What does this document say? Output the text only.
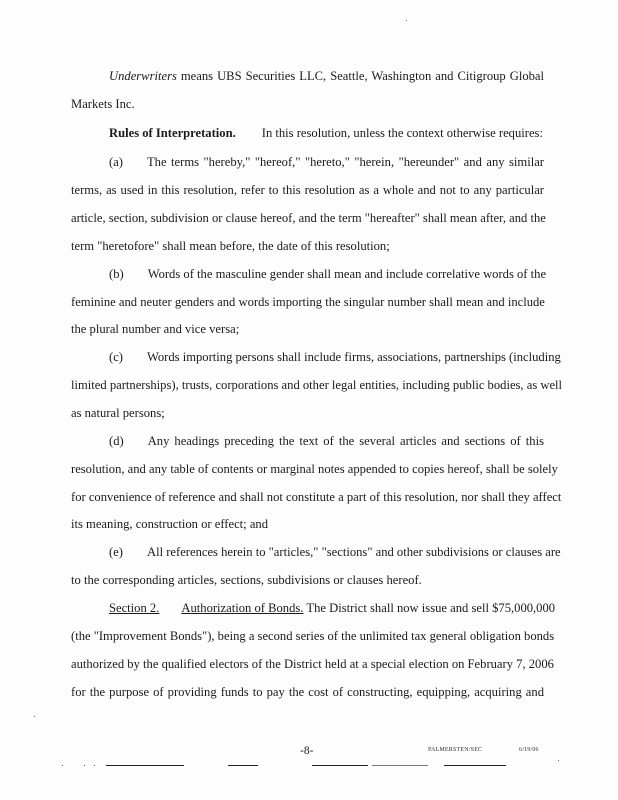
Underwriters means UBS Securities LLC, Seattle, Washington and Citigroup Global
Markets Inc.
Rules of Interpretation. In this resolution, unless the context otherwise requires:
(a) The terms "hereby," "hereof," "hereto," "herein, "hereunder" and any similar
terms, as used in this resolution, refer to this resolution as a whole and not to any particular
article, section, subdivision or clause hereof, and the term "hereafter" shall mean after, and the
term "heretofore" shall mean before, the date of this resolution;
(b) Words of the masculine gender shall mean and include correlative words of the
feminine and neuter genders and words importing the singular number shall mean and include
the plural number and vice versa;
(c) Words importing persons shall include firms, associations, partnerships (including
limited partnerships), trusts, corporations and other legal entities, including public bodies, as well
as natural persons;
(d) Any headings preceding the text of the several articles and sections of this
resolution, and any table of contents or marginal notes appended to copies hereof, shall be solely
for convenience of reference and shall not constitute a part of this resolution, nor shall they affect
its meaning, construction or effect; and
(e) All references herein to "articles," "sections" and other subdivisions or clauses are
to the corresponding articles, sections, subdivisions or clauses hereof.
Section 2. Authorization of Bonds. The District shall now issue and sell $75,000,000
(the "Improvement Bonds"), being a second series of the unlimited tax general obligation bonds
authorized by the qualified electors of the District held at a special election on February 7, 2006
for the purpose of providing funds to pay the cost of constructing, equipping, acquiring and
-8-	PALMERSTEN/SEC	6/19/06
